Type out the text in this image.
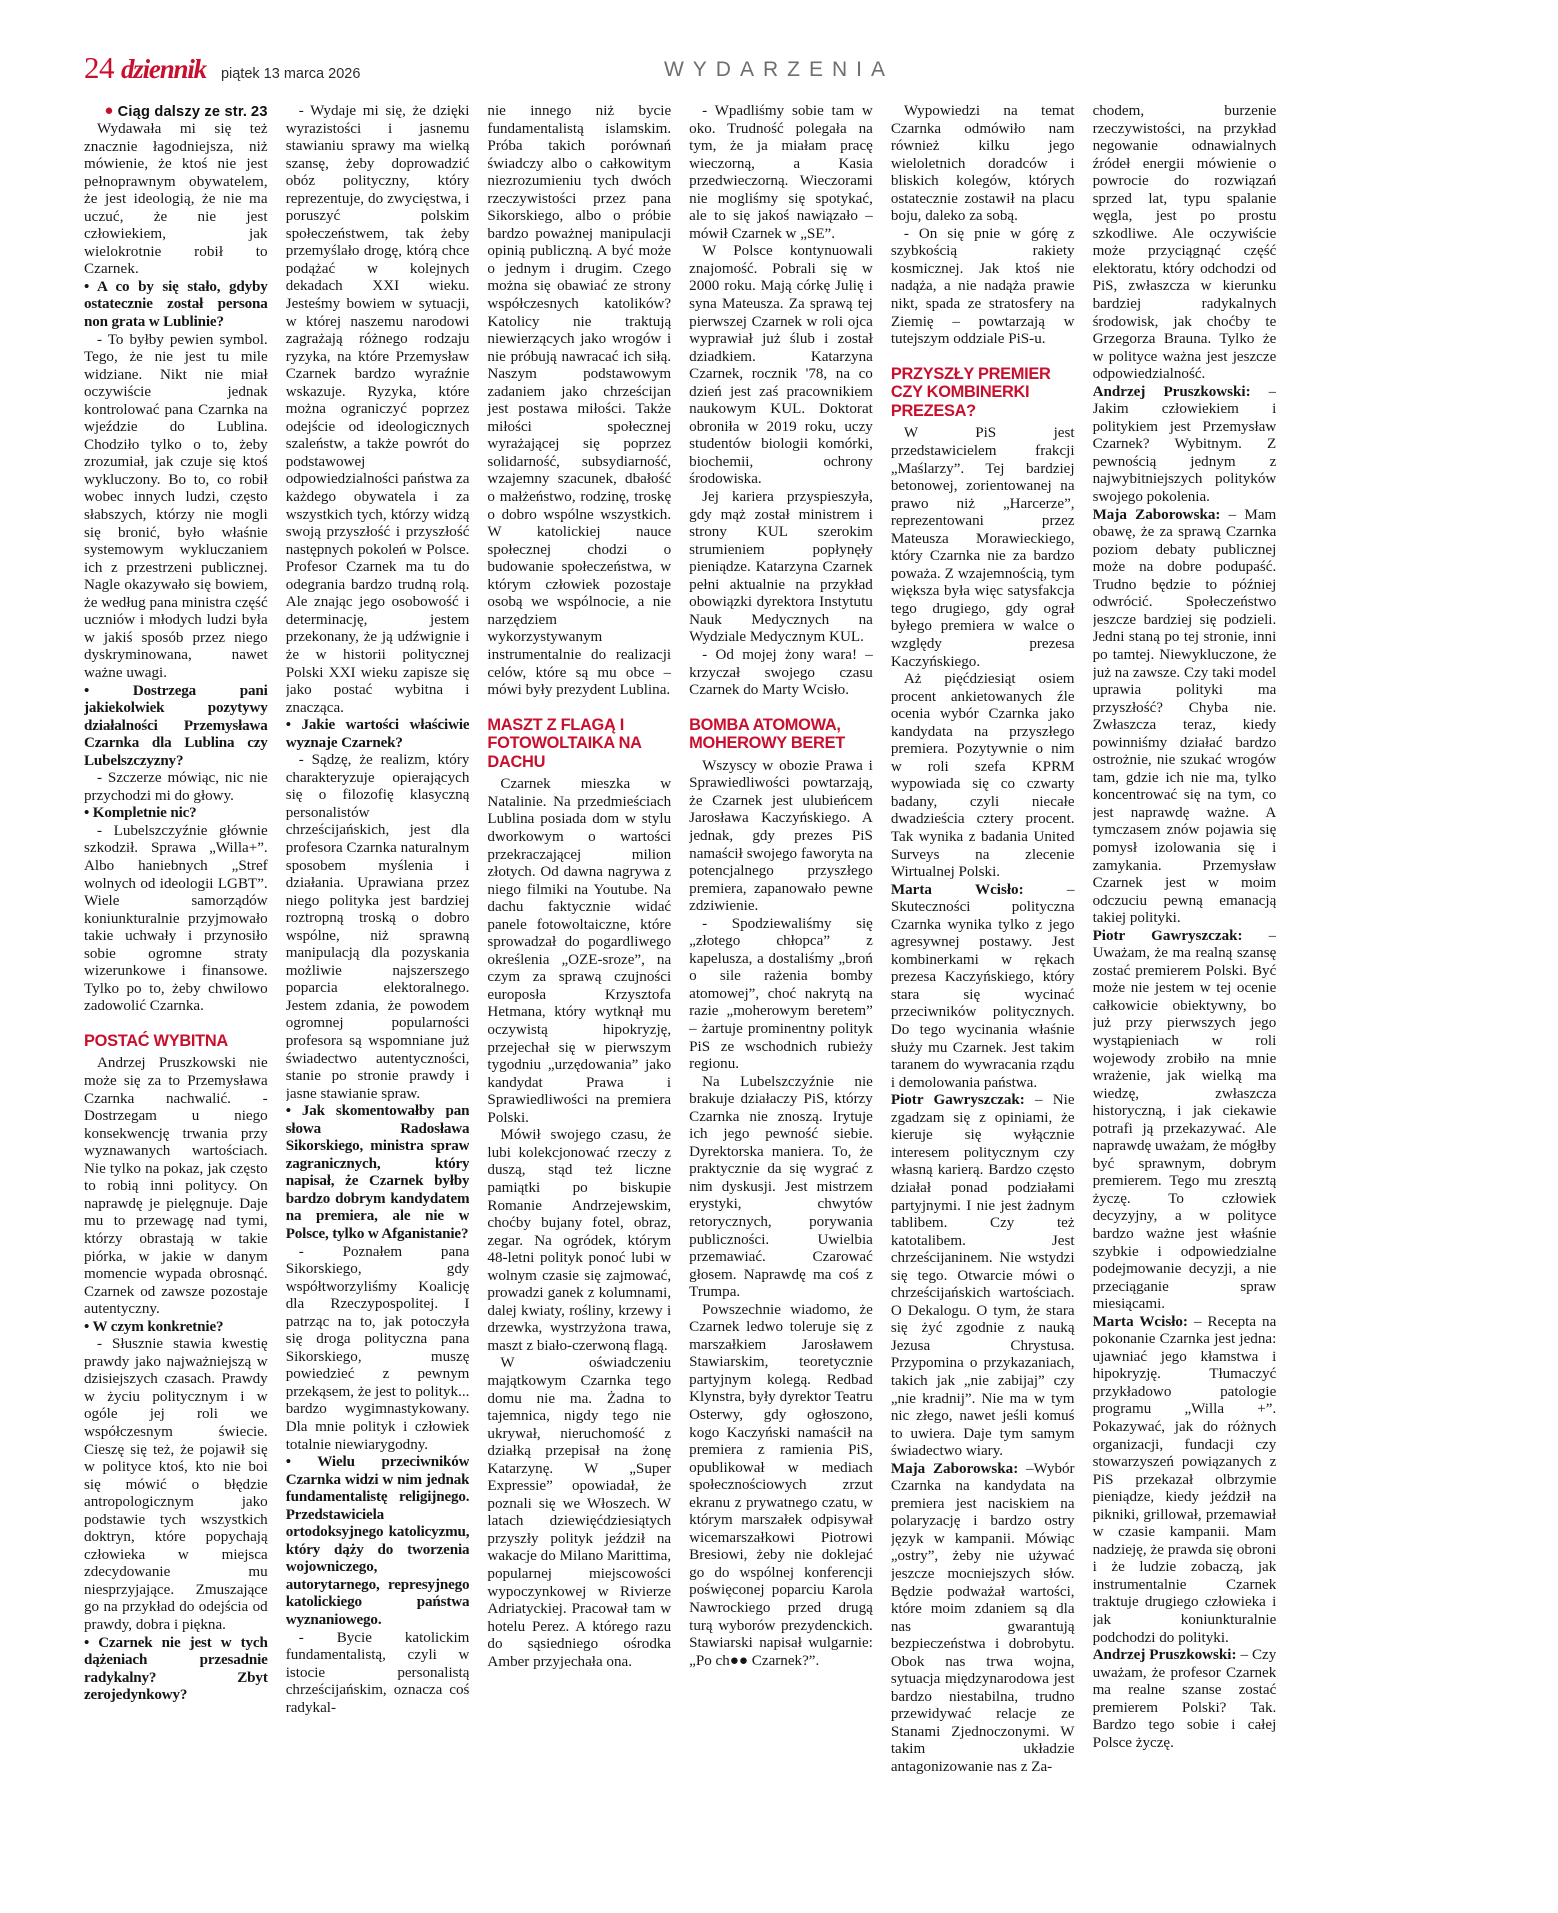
24 dziennik piątek 13 marca 2026	WYDARZENIA
● Ciąg dalszy ze str. 23

Wydawała mi się też znacznie łagodniejsza, niż mówienie, że ktoś nie jest pełnoprawnym obywatelem, że jest ideologią, że nie ma uczuć, że nie jest człowiekiem, jak wielokrotnie robił to Czarnek.

• A co by się stało, gdyby ostatecznie został persona non grata w Lublinie?

- To byłby pewien symbol. Tego, że nie jest tu mile widziane. Nikt nie miał oczywiście jednak kontrolować pana Czarnka na wjeździe do Lublina. Chodziło tylko o to, żeby zrozumiał, jak czuje się ktoś wykluczony. Bo to, co robił wobec innych ludzi, często słabszych, którzy nie mogli się bronić, było właśnie systemowym wykluczaniem ich z przestrzeni publicznej. Nagle okazywało się bowiem, że według pana ministra część uczniów i młodych ludzi była w jakiś sposób przez niego dyskryminowana, nawet ważne uwagi.

• Dostrzega pani jakiekolwiek pozytywy działalności Przemysława Czarnka dla Lublina czy Lubelszczyzny?

- Szczerze mówiąc, nic nie przychodzi mi do głowy.

• Kompletnie nic?

- Lubelszczyźnie głównie szkodził. Sprawa „Willa+”. Albo haniebnych „Stref wolnych od ideologii LGBT”. Wiele samorządów koniunkturalnie przyjmowało takie uchwały i przynosiło sobie ogromne straty wizerunkowe i finansowe. Tylko po to, żeby chwilowo zadowolić Czarnka.

POSTAĆ WYBITNA

Andrzej Pruszkowski nie może się za to Przemysława Czarnka nachwalić. - Dostrzegam u niego konsekwencję trwania przy wyznawanych wartościach. Nie tylko na pokaz, jak często to robią inni politycy. On naprawdę je pielęgnuje. Daje mu to przewagę nad tymi, którzy obrastają w takie piórka, w jakie w danym momencie wypada obrosnąć. Czarnek od zawsze pozostaje autentyczny.

• W czym konkretnie?

- Słusznie stawia kwestię prawdy jako najważniejszą w dzisiejszych czasach. Prawdy w życiu politycznym i w ogóle jej roli we współczesnym świecie. Cieszę się też, że pojawił się w polityce ktoś, kto nie boi się mówić o błędzie antropologicznym jako podstawie tych wszystkich doktryn, które popychają człowieka w miejsca zdecydowanie mu niesprzyjające. Zmuszające go na przykład do odejścia od prawdy, dobra i piękna.

• Czarnek nie jest w tych dążeniach przesadnie radykalny? Zbyt zerojedynkowy?

- Wydaje mi się, że dzięki wyrazistości i jasnemu stawianiu sprawy ma wielką szansę, żeby doprowadzić obóz polityczny, który reprezentuje, do zwycięstwa, i poruszyć polskim społeczeństwem, tak żeby przemyślało drogę, którą chce podążać w kolejnych dekadach XXI wieku. Jesteśmy bowiem w sytuacji, w której naszemu narodowi zagrażają różnego rodzaju ryzyka, na które Przemysław Czarnek bardzo wyraźnie wskazuje. Ryzyka, które można ograniczyć poprzez odejście od ideologicznych szaleństw, a także powrót do podstawowej odpowiedzialności państwa za każdego obywatela i za wszystkich tych, którzy widzą swoją przyszłość i przyszłość następnych pokoleń w Polsce. Profesor Czarnek ma tu do odegrania bardzo trudną rolą. Ale znając jego osobowość i determinację, jestem przekonany, że ją udźwignie i że w historii politycznej Polski XXI wieku zapisze się jako postać wybitna i znacząca.

• Jakie wartości właściwie wyznaje Czarnek?

- Sądzę, że realizm, który charakteryzuje opierających się o filozofię klasyczną personalistów chrześcijańskich, jest dla profesora Czarnka naturalnym sposobem myślenia i działania. Uprawiana przez niego polityka jest bardziej roztropną troską o dobro wspólne, niż sprawną manipulacją dla pozyskania możliwie najszerszego poparcia elektoralnego. Jestem zdania, że powodem ogromnej popularności profesora są wspomniane już świadectwo autentyczności, stanie po stronie prawdy i jasne stawianie spraw.

• Jak skomentowałby pan słowa Radosława Sikorskiego, ministra spraw zagranicznych, który napisał, że Czarnek byłby bardzo dobrym kandydatem na premiera, ale nie w Polsce, tylko w Afganistanie?

- Poznałem pana Sikorskiego, gdy współtworzyliśmy Koalicję dla Rzeczypospolitej. I patrząc na to, jak potoczyła się droga polityczna pana Sikorskiego, muszę powiedzieć z pewnym przekąsem, że jest to polityk... bardzo wygimnastykowany. Dla mnie polityk i człowiek totalnie niewiarygodny.

• Wielu przeciwników Czarnka widzi w nim jednak fundamentalistę religijnego. Przedstawiciela ortodoksyjnego katolicyzmu, który dąży do tworzenia wojowniczego, autorytarnego, represyjnego katolickiego państwa wyznaniowego.

- Bycie katolickim fundamentalistą, czyli w istocie personalistą chrześcijańskim, oznacza coś radykal-

nie innego niż bycie fundamentalistą islamskim. Próba takich porównań świadczy albo o całkowitym niezrozumieniu tych dwóch rzeczywistości przez pana Sikorskiego, albo o próbie bardzo poważnej manipulacji opinią publiczną. A być może o jednym i drugim. Czego można się obawiać ze strony współczesnych katolików? Katolicy nie traktują niewierzących jako wrogów i nie próbują nawracać ich siłą. Naszym podstawowym zadaniem jako chrześcijan jest postawa miłości. Także miłości społecznej wyrażającej się poprzez solidarność, subsydiarność, wzajemny szacunek, dbałość o małżeństwo, rodzinę, troskę o dobro wspólne wszystkich. W katolickiej nauce społecznej chodzi o budowanie społeczeństwa, w którym człowiek pozostaje osobą we wspólnocie, a nie narzędziem wykorzystywanym instrumentalnie do realizacji celów, które są mu obce – mówi były prezydent Lublina.

MASZT Z FLAGĄ I FOTOWOLTAIKA NA DACHU

Czarnek mieszka w Natalinie. Na przedmieściach Lublina posiada dom w stylu dworkowym o wartości przekraczającej milion złotych. Od dawna nagrywa z niego filmiki na Youtube. Na dachu faktycznie widać panele fotowoltaiczne, które sprowadzał do pogardliwego określenia „OZE-sroze”, na czym za sprawą czujności europosła Krzysztofa Hetmana, który wytknął mu oczywistą hipokryzję, przejechał się w pierwszym tygodniu „urzędowania” jako kandydat Prawa i Sprawiedliwości na premiera Polski.

Mówił swojego czasu, że lubi kolekcjonować rzeczy z duszą, stąd też liczne pamiątki po biskupie Romanie Andrzejewskim, choćby bujany fotel, obraz, zegar. Na ogródek, którym 48-letni polityk ponoć lubi w wolnym czasie się zajmować, prowadzi ganek z kolumnami, dalej kwiaty, rośliny, krzewy i drzewka, wystrzyżona trawa, maszt z biało-czerwoną flagą.

W oświadczeniu majątkowym Czarnka tego domu nie ma. Żadna to tajemnica, nigdy tego nie ukrywał, nieruchomość z działką przepisał na żonę Katarzynę. W „Super Expressie” opowiadał, że poznali się we Włoszech. W latach dziewięćdziesiątych przyszły polityk jeździł na wakacje do Milano Marittima, popularnej miejscowości wypoczynkowej w Rivierze Adriatyckiej. Pracował tam w hotelu Perez. A którego razu do sąsiedniego ośrodka Amber przyjechała ona.

- Wpadliśmy sobie tam w oko. Trudność polegała na tym, że ja miałam pracę wieczorną, a Kasia przedwieczorną. Wieczorami nie mogliśmy się spotykać, ale to się jakoś nawiązało – mówił Czarnek w „SE”.

W Polsce kontynuowali znajomość. Pobrali się w 2000 roku. Mają córkę Julię i syna Mateusza. Za sprawą tej pierwszej Czarnek w roli ojca wyprawiał już ślub i został dziadkiem. Katarzyna Czarnek, rocznik '78, na co dzień jest zaś pracownikiem naukowym KUL. Doktorat obroniła w 2019 roku, uczy studentów biologii komórki, biochemii, ochrony środowiska.

Jej kariera przyspieszyła, gdy mąż został ministrem i strony KUL szerokim strumieniem popłynęły pieniądze. Katarzyna Czarnek pełni aktualnie na przykład obowiązki dyrektora Instytutu Nauk Medycznych na Wydziale Medycznym KUL.

- Od mojej żony wara! – krzyczał swojego czasu Czarnek do Marty Wcisło.

BOMBA ATOMOWA, MOHEROWY BERET

Wszyscy w obozie Prawa i Sprawiedliwości powtarzają, że Czarnek jest ulubieńcem Jarosława Kaczyńskiego. A jednak, gdy prezes PiS namaścił swojego faworyta na potencjalnego przyszłego premiera, zapanowało pewne zdziwienie.

- Spodziewaliśmy się „złotego chłopca” z kapelusza, a dostaliśmy „broń o sile rażenia bomby atomowej”, choć nakrytą na razie „moherowym beretem” – żartuje prominentny polityk PiS ze wschodnich rubieży regionu.

Na Lubelszczyźnie nie brakuje działaczy PiS, którzy Czarnka nie znoszą. Irytuje ich jego pewność siebie. Dyrektorska maniera. To, że praktycznie da się wygrać z nim dyskusji. Jest mistrzem erystyki, chwytów retorycznych, porywania publiczności. Uwielbia przemawiać. Czarować głosem. Naprawdę ma coś z Trumpa.

Powszechnie wiadomo, że Czarnek ledwo toleruje się z marszałkiem Jarosławem Stawiarskim, teoretycznie partyjnym kolegą. Redbad Klynstra, były dyrektor Teatru Osterwy, gdy ogłoszono, kogo Kaczyński namaścił na premiera z ramienia PiS, opublikował w mediach społecznościowych zrzut ekranu z prywatnego czatu, w którym marszałek odpisywał wicemarszałkowi Piotrowi Bresiowi, żeby nie doklejać go do wspólnej konferencji poświęconej poparciu Karola Nawrockiego przed drugą turą wyborów prezydenckich. Stawiarski napisał wulgarnie: „Po ch●● Czarnek?”.

Wypowiedzi na temat Czarnka odmówiło nam również kilku jego wieloletnich doradców i bliskich kolegów, których ostatecznie zostawił na placu boju, daleko za sobą.

- On się pnie w górę z szybkością rakiety kosmicznej. Jak ktoś nie nadąża, a nie nadąża prawie nikt, spada ze stratosfery na Ziemię – powtarzają w tutejszym oddziale PiS-u.

PRZYSZŁY PREMIER CZY KOMBINERKI PREZESA?

W PiS jest przedstawicielem frakcji „Maślarzy”. Tej bardziej betonowej, zorientowanej na prawo niż „Harcerze”, reprezentowani przez Mateusza Morawieckiego, który Czarnka nie za bardzo poważa. Z wzajemnością, tym większa była więc satysfakcja tego drugiego, gdy ograł byłego premiera w walce o względy prezesa Kaczyńskiego.

Aż pięćdziesiąt osiem procent ankietowanych źle ocenia wybór Czarnka jako kandydata na przyszłego premiera. Pozytywnie o nim w roli szefa KPRM wypowiada się co czwarty badany, czyli niecałe dwadzieścia cztery procent. Tak wynika z badania United Surveys na zlecenie Wirtualnej Polski.

Marta Wcisło: – Skuteczności polityczna Czarnka wynika tylko z jego agresywnej postawy. Jest kombinerkami w rękach prezesa Kaczyńskiego, który stara się wycinać przeciwników politycznych. Do tego wycinania właśnie służy mu Czarnek. Jest takim taranem do wywracania rządu i demolowania państwa.

Piotr Gawryszczak: – Nie zgadzam się z opiniami, że kieruje się wyłącznie interesem politycznym czy własną karierą. Bardzo często działał ponad podziałami partyjnymi. I nie jest żadnym tablibem. Czy też katotalibem. Jest chrześcijaninem. Nie wstydzi się tego. Otwarcie mówi o chrześcijańskich wartościach. O Dekalogu. O tym, że stara się żyć zgodnie z nauką Jezusa Chrystusa. Przypomina o przykazaniach, takich jak „nie zabijaj” czy „nie kradnij”. Nie ma w tym nic złego, nawet jeśli komuś to uwiera. Daje tym samym świadectwo wiary.

Maja Zaborowska: –Wybór Czarnka na kandydata na premiera jest naciskiem na polaryzację i bardzo ostry język w kampanii. Mówiąc „ostry”, żeby nie używać jeszcze mocniejszych słów. Będzie podważał wartości, które moim zdaniem są dla nas gwarantują bezpieczeństwa i dobrobytu. Obok nas trwa wojna, sytuacja międzynarodowa jest bardzo niestabilna, trudno przewidywać relacje ze Stanami Zjednoczonymi. W takim układzie antagonizowanie nas z Za-

chodem, burzenie rzeczywistości, na przykład negowanie odnawialnych źródeł energii mówienie o powrocie do rozwiązań sprzed lat, typu spalanie węgla, jest po prostu szkodliwe. Ale oczywiście może przyciągnąć część elektoratu, który odchodzi od PiS, zwłaszcza w kierunku bardziej radykalnych środowisk, jak choćby te Grzegorza Brauna. Tylko że w polityce ważna jest jeszcze odpowiedzialność.

Andrzej Pruszkowski: – Jakim człowiekiem i politykiem jest Przemysław Czarnek? Wybitnym. Z pewnością jednym z najwybitniejszych polityków swojego pokolenia.

Maja Zaborowska: – Mam obawę, że za sprawą Czarnka poziom debaty publicznej może na dobre podupaść. Trudno będzie to później odwrócić. Społeczeństwo jeszcze bardziej się podzieli. Jedni staną po tej stronie, inni po tamtej. Niewykluczone, że już na zawsze. Czy taki model uprawia polityki ma przyszłość? Chyba nie. Zwłaszcza teraz, kiedy powinniśmy działać bardzo ostrożnie, nie szukać wrogów tam, gdzie ich nie ma, tylko koncentrować się na tym, co jest naprawdę ważne. A tymczasem znów pojawia się pomysł izolowania się i zamykania. Przemysław Czarnek jest w moim odczuciu pewną emanacją takiej polityki.

Piotr Gawryszczak: – Uważam, że ma realną szansę zostać premierem Polski. Być może nie jestem w tej ocenie całkowicie obiektywny, bo już przy pierwszych jego wystąpieniach w roli wojewody zrobiło na mnie wrażenie, jak wielką ma wiedzę, zwłaszcza historyczną, i jak ciekawie potrafi ją przekazywać. Ale naprawdę uważam, że mógłby być sprawnym, dobrym premierem. Tego mu zresztą życzę. To człowiek decyzyjny, a w polityce bardzo ważne jest właśnie szybkie i odpowiedzialne podejmowanie decyzji, a nie przeciąganie spraw miesiącami.

Marta Wcisło: – Recepta na pokonanie Czarnka jest jedna: ujawniać jego kłamstwa i hipokryzję. Tłumaczyć przykładowo patologie programu „Willa +”. Pokazywać, jak do różnych organizacji, fundacji czy stowarzyszeń powiązanych z PiS przekazał olbrzymie pieniądze, kiedy jeździł na pikniki, grillował, przemawiał w czasie kampanii. Mam nadzieję, że prawda się obroni i że ludzie zobaczą, jak instrumentalnie Czarnek traktuje drugiego człowieka i jak koniunkturalnie podchodzi do polityki.

Andrzej Pruszkowski: – Czy uważam, że profesor Czarnek ma realne szanse zostać premierem Polski? Tak. Bardzo tego sobie i całej Polsce życzę.
